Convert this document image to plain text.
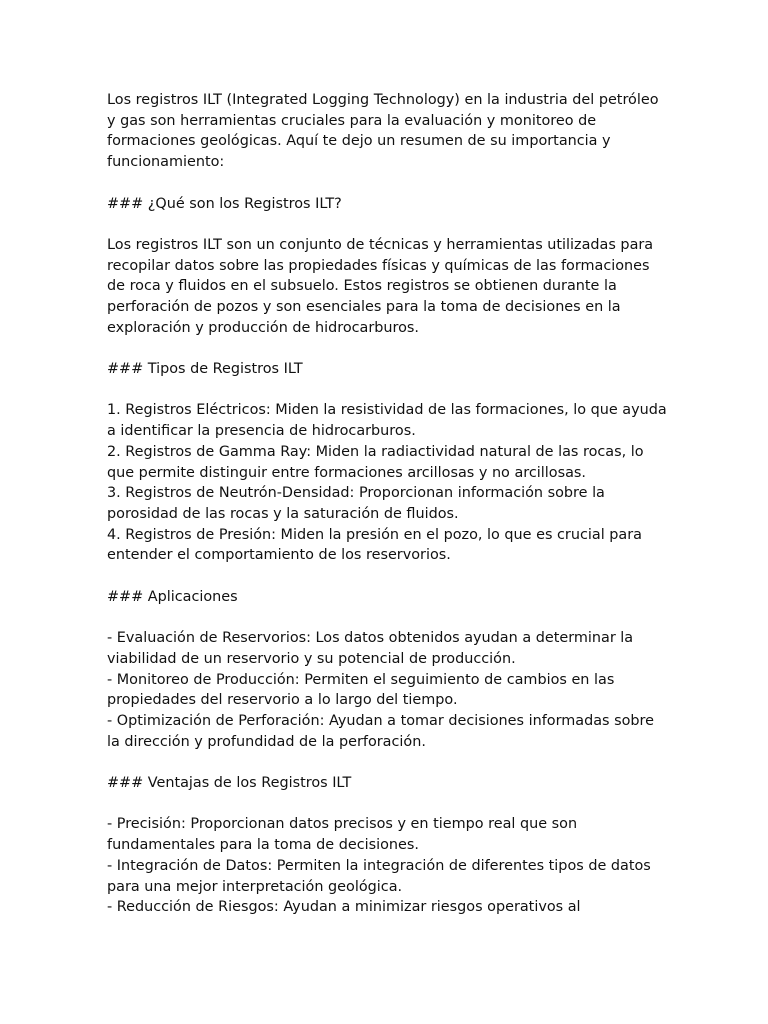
Los registros ILT (Integrated Logging Technology) en la industria del petróleo y gas son herramientas cruciales para la evaluación y monitoreo de formaciones geológicas. Aquí te dejo un resumen de su importancia y funcionamiento:

### ¿Qué son los Registros ILT?

Los registros ILT son un conjunto de técnicas y herramientas utilizadas para recopilar datos sobre las propiedades físicas y químicas de las formaciones de roca y fluidos en el subsuelo. Estos registros se obtienen durante la perforación de pozos y son esenciales para la toma de decisiones en la exploración y producción de hidrocarburos.

### Tipos de Registros ILT

1. Registros Eléctricos: Miden la resistividad de las formaciones, lo que ayuda a identificar la presencia de hidrocarburos.
2. Registros de Gamma Ray: Miden la radiactividad natural de las rocas, lo que permite distinguir entre formaciones arcillosas y no arcillosas.
3. Registros de Neutrón-Densidad: Proporcionan información sobre la porosidad de las rocas y la saturación de fluidos.
4. Registros de Presión: Miden la presión en el pozo, lo que es crucial para entender el comportamiento de los reservorios.

### Aplicaciones

- Evaluación de Reservorios: Los datos obtenidos ayudan a determinar la viabilidad de un reservorio y su potencial de producción.
- Monitoreo de Producción: Permiten el seguimiento de cambios en las propiedades del reservorio a lo largo del tiempo.
- Optimización de Perforación: Ayudan a tomar decisiones informadas sobre la dirección y profundidad de la perforación.

### Ventajas de los Registros ILT

- Precisión: Proporcionan datos precisos y en tiempo real que son fundamentales para la toma de decisiones.
- Integración de Datos: Permiten la integración de diferentes tipos de datos para una mejor interpretación geológica.
- Reducción de Riesgos: Ayudan a minimizar riesgos operativos al
